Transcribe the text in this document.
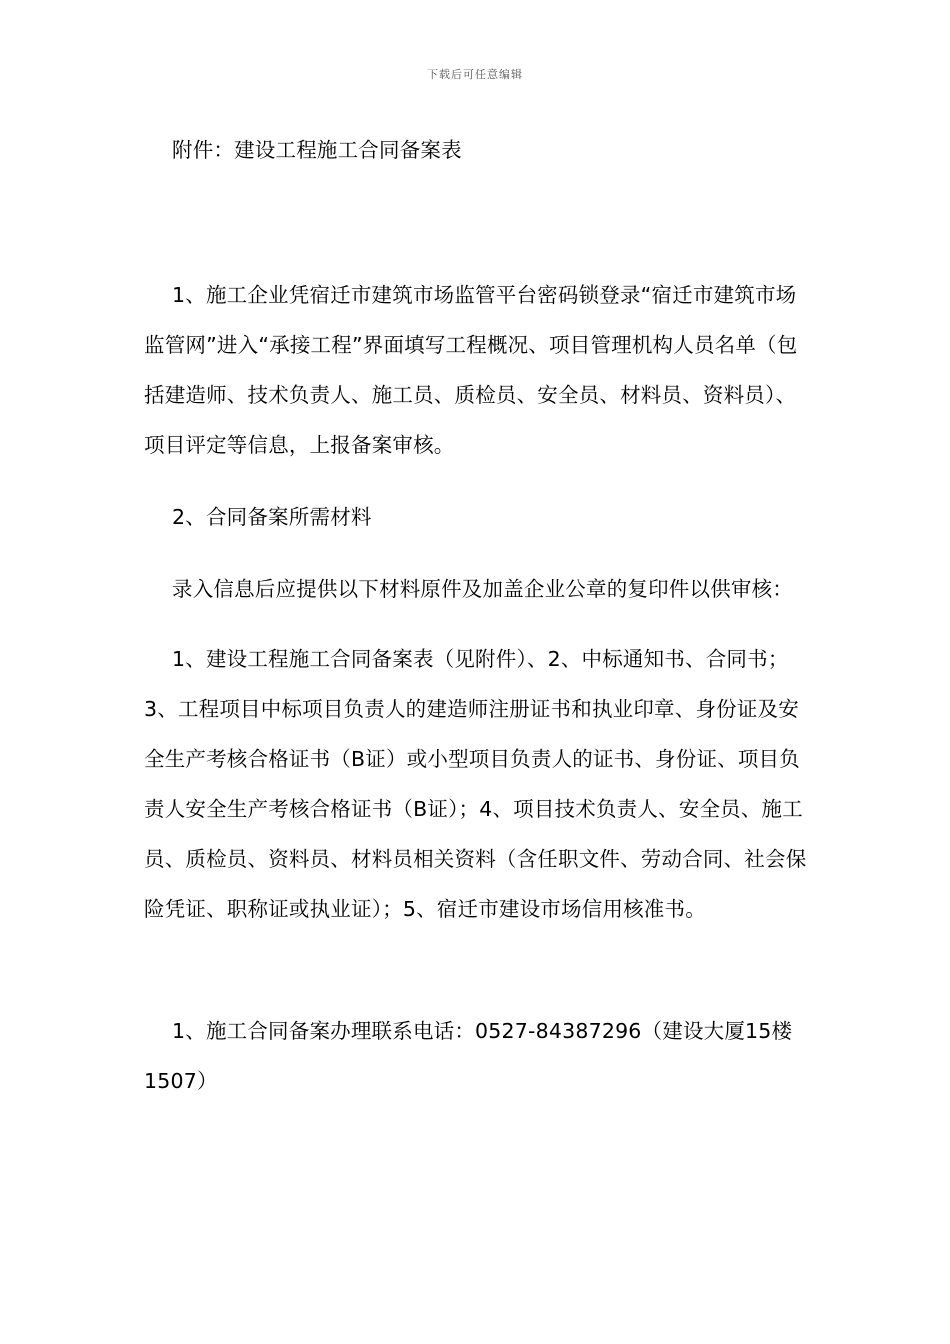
下载后可任意编辑
附件：建设工程施工合同备案表

1、施工企业凭宿迁市建筑市场监管平台密码锁登录“宿迁市建筑市场监管网”进入“承接工程”界面填写工程概况、项目管理机构人员名单（包括建造师、技术负责人、施工员、质检员、安全员、材料员、资料员）、项目评定等信息，上报备案审核。

2、合同备案所需材料

录入信息后应提供以下材料原件及加盖企业公章的复印件以供审核：

1、建设工程施工合同备案表（见附件）、2、中标通知书、合同书；3、工程项目中标项目负责人的建造师注册证书和执业印章、身份证及安全生产考核合格证书（B证）或小型项目负责人的证书、身份证、项目负责人安全生产考核合格证书（B证）；4、项目技术负责人、安全员、施工员、质检员、资料员、材料员相关资料（含任职文件、劳动合同、社会保险凭证、职称证或执业证）；5、宿迁市建设市场信用核准书。

1、施工合同备案办理联系电话：0527-84387296（建设大厦15楼1507）
